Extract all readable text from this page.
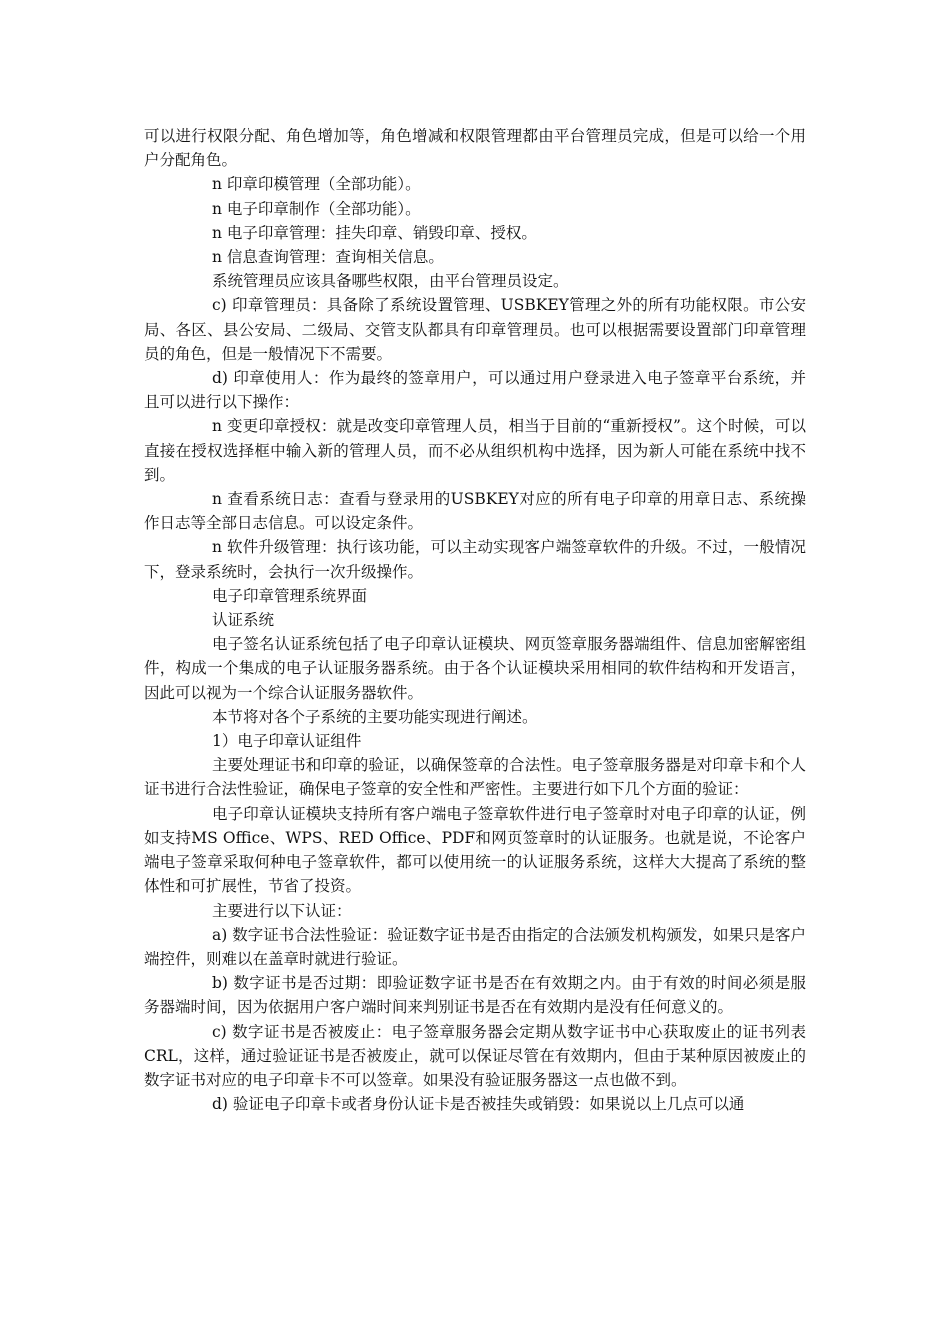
可以进行权限分配、角色增加等，角色增减和权限管理都由平台管理员完成，但是可以给一个用户分配角色。

n 印章印模管理（全部功能）。

n 电子印章制作（全部功能）。

n 电子印章管理：挂失印章、销毁印章、授权。

n 信息查询管理：查询相关信息。

系统管理员应该具备哪些权限，由平台管理员设定。

c) 印章管理员：具备除了系统设置管理、USBKEY管理之外的所有功能权限。市公安局、各区、县公安局、二级局、交管支队都具有印章管理员。也可以根据需要设置部门印章管理员的角色，但是一般情况下不需要。

d) 印章使用人：作为最终的签章用户，可以通过用户登录进入电子签章平台系统，并且可以进行以下操作：

n 变更印章授权：就是改变印章管理人员，相当于目前的“重新授权”。这个时候，可以直接在授权选择框中输入新的管理人员，而不必从组织机构中选择，因为新人可能在系统中找不到。

n 查看系统日志：查看与登录用的USBKEY对应的所有电子印章的用章日志、系统操作日志等全部日志信息。可以设定条件。

n 软件升级管理：执行该功能，可以主动实现客户端签章软件的升级。不过，一般情况下，登录系统时，会执行一次升级操作。

电子印章管理系统界面

认证系统

电子签名认证系统包括了电子印章认证模块、网页签章服务器端组件、信息加密解密组件，构成一个集成的电子认证服务器系统。由于各个认证模块采用相同的软件结构和开发语言，因此可以视为一个综合认证服务器软件。

本节将对各个子系统的主要功能实现进行阐述。

1）电子印章认证组件

主要处理证书和印章的验证，以确保签章的合法性。电子签章服务器是对印章卡和个人证书进行合法性验证，确保电子签章的安全性和严密性。主要进行如下几个方面的验证：

电子印章认证模块支持所有客户端电子签章软件进行电子签章时对电子印章的认证，例如支持MS Office、WPS、RED Office、PDF和网页签章时的认证服务。也就是说，不论客户端电子签章采取何种电子签章软件，都可以使用统一的认证服务系统，这样大大提高了系统的整体性和可扩展性，节省了投资。

主要进行以下认证：

a) 数字证书合法性验证：验证数字证书是否由指定的合法颁发机构颁发，如果只是客户端控件，则难以在盖章时就进行验证。

b) 数字证书是否过期：即验证数字证书是否在有效期之内。由于有效的时间必须是服务器端时间，因为依据用户客户端时间来判别证书是否在有效期内是没有任何意义的。

c) 数字证书是否被废止：电子签章服务器会定期从数字证书中心获取废止的证书列表CRL，这样，通过验证证书是否被废止，就可以保证尽管在有效期内，但由于某种原因被废止的数字证书对应的电子印章卡不可以签章。如果没有验证服务器这一点也做不到。

d) 验证电子印章卡或者身份认证卡是否被挂失或销毁：如果说以上几点可以通
